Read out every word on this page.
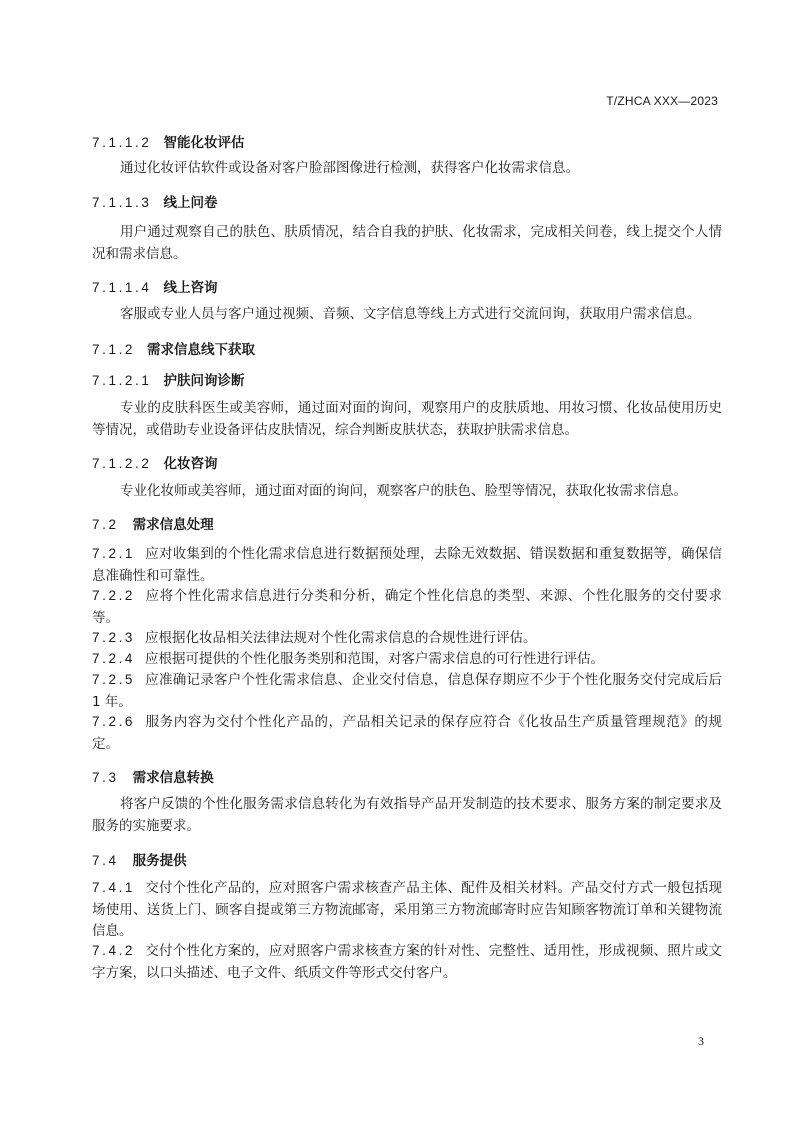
T/ZHCA XXX—2023
7.1.1.2 智能化妆评估

通过化妆评估软件或设备对客户脸部图像进行检测，获得客户化妆需求信息。

7.1.1.3 线上问卷

用户通过观察自己的肤色、肤质情况，结合自我的护肤、化妆需求，完成相关问卷，线上提交个人情况和需求信息。

7.1.1.4 线上咨询

客服或专业人员与客户通过视频、音频、文字信息等线上方式进行交流问询，获取用户需求信息。

7.1.2 需求信息线下获取
7.1.2.1 护肤问询诊断

专业的皮肤科医生或美容师，通过面对面的询问，观察用户的皮肤质地、用妆习惯、化妆品使用历史等情况，或借助专业设备评估皮肤情况，综合判断皮肤状态，获取护肤需求信息。

7.1.2.2 化妆咨询

专业化妆师或美容师，通过面对面的询问，观察客户的肤色、脸型等情况，获取化妆需求信息。

7.2 需求信息处理

7.2.1 应对收集到的个性化需求信息进行数据预处理，去除无效数据、错误数据和重复数据等，确保信息准确性和可靠性。

7.2.2 应将个性化需求信息进行分类和分析，确定个性化信息的类型、来源、个性化服务的交付要求等。

7.2.3 应根据化妆品相关法律法规对个性化需求信息的合规性进行评估。

7.2.4 应根据可提供的个性化服务类别和范围，对客户需求信息的可行性进行评估。

7.2.5 应准确记录客户个性化需求信息、企业交付信息，信息保存期应不少于个性化服务交付完成后后 1 年。

7.2.6 服务内容为交付个性化产品的，产品相关记录的保存应符合《化妆品生产质量管理规范》的规定。

7.3 需求信息转换

将客户反馈的个性化服务需求信息转化为有效指导产品开发制造的技术要求、服务方案的制定要求及服务的实施要求。

7.4 服务提供

7.4.1 交付个性化产品的，应对照客户需求核查产品主体、配件及相关材料。产品交付方式一般包括现场使用、送货上门、顾客自提或第三方物流邮寄，采用第三方物流邮寄时应告知顾客物流订单和关键物流信息。

7.4.2 交付个性化方案的，应对照客户需求核查方案的针对性、完整性、适用性，形成视频、照片或文字方案，以口头描述、电子文件、纸质文件等形式交付客户。

3
